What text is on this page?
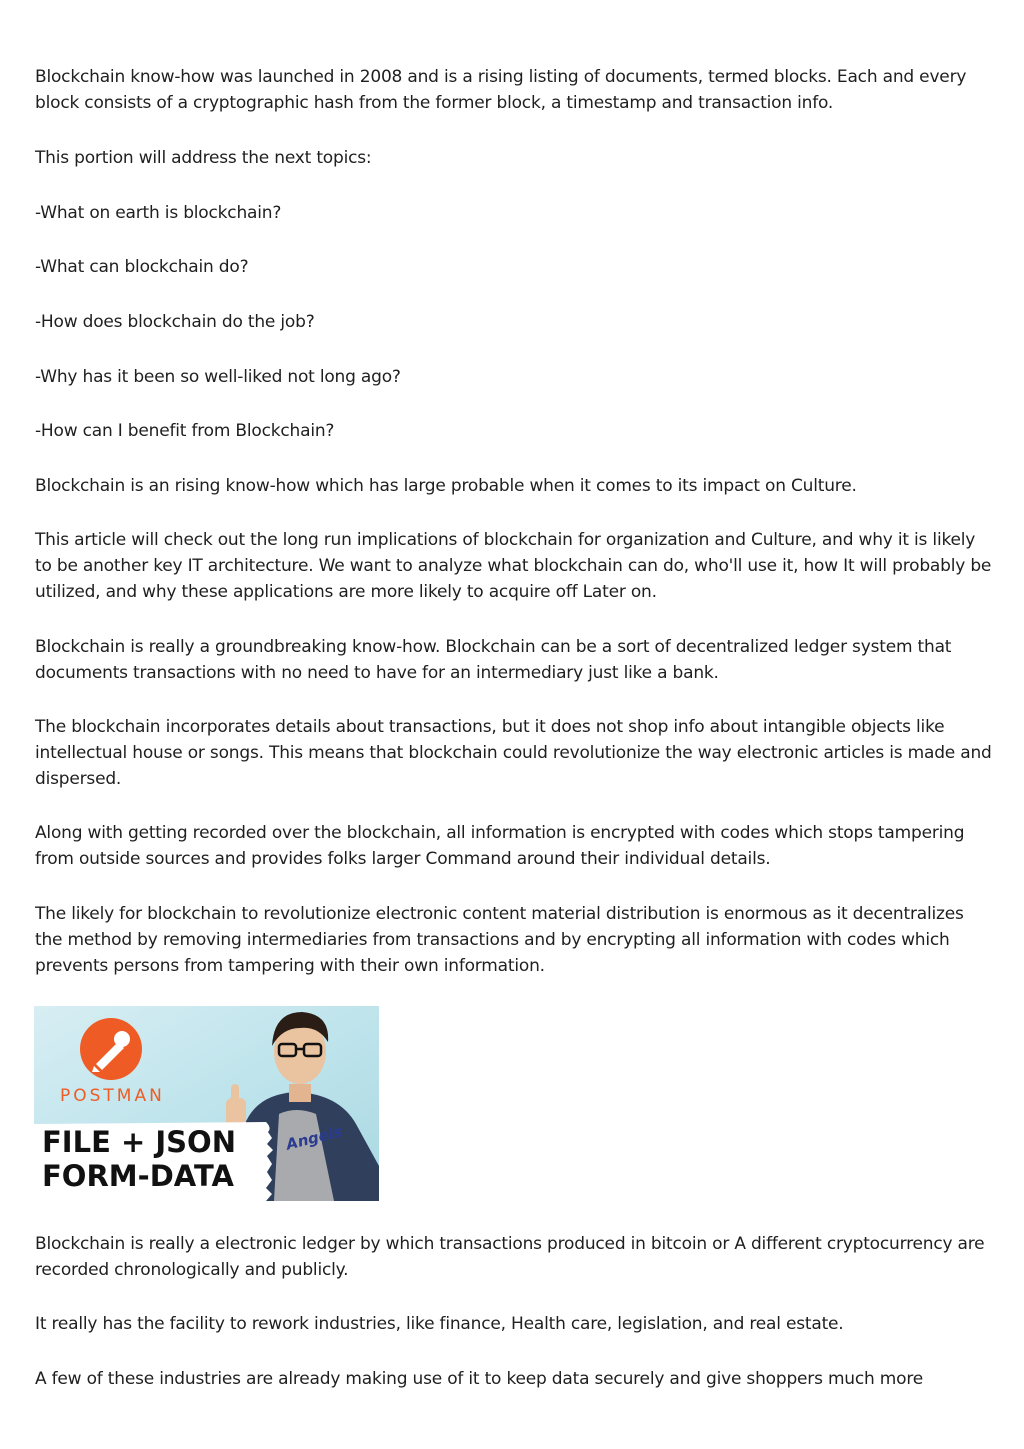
Blockchain know-how was launched in 2008 and is a rising listing of documents, termed blocks. Each and every block consists of a cryptographic hash from the former block, a timestamp and transaction info.

This portion will address the next topics:

-What on earth is blockchain?

-What can blockchain do?

-How does blockchain do the job?

-Why has it been so well-liked not long ago?

-How can I benefit from Blockchain?

Blockchain is an rising know-how which has large probable when it comes to its impact on Culture.

This article will check out the long run implications of blockchain for organization and Culture, and why it is likely to be another key IT architecture. We want to analyze what blockchain can do, who'll use it, how It will probably be utilized, and why these applications are more likely to acquire off Later on.

Blockchain is really a groundbreaking know-how. Blockchain can be a sort of decentralized ledger system that documents transactions with no need to have for an intermediary just like a bank.

The blockchain incorporates details about transactions, but it does not shop info about intangible objects like intellectual house or songs. This means that blockchain could revolutionize the way electronic articles is made and dispersed.

Along with getting recorded over the blockchain, all information is encrypted with codes which stops tampering from outside sources and provides folks larger Command around their individual details.

The likely for blockchain to revolutionize electronic content material distribution is enormous as it decentralizes the method by removing intermediaries from transactions and by encrypting all information with codes which prevents persons from tampering with their own information.

POSTMAN
Angels
FILE + JSON
FORM-DATA

Blockchain is really a electronic ledger by which transactions produced in bitcoin or A different cryptocurrency are recorded chronologically and publicly.

It really has the facility to rework industries, like finance, Health care, legislation, and real estate.

A few of these industries are already making use of it to keep data securely and give shoppers much more
